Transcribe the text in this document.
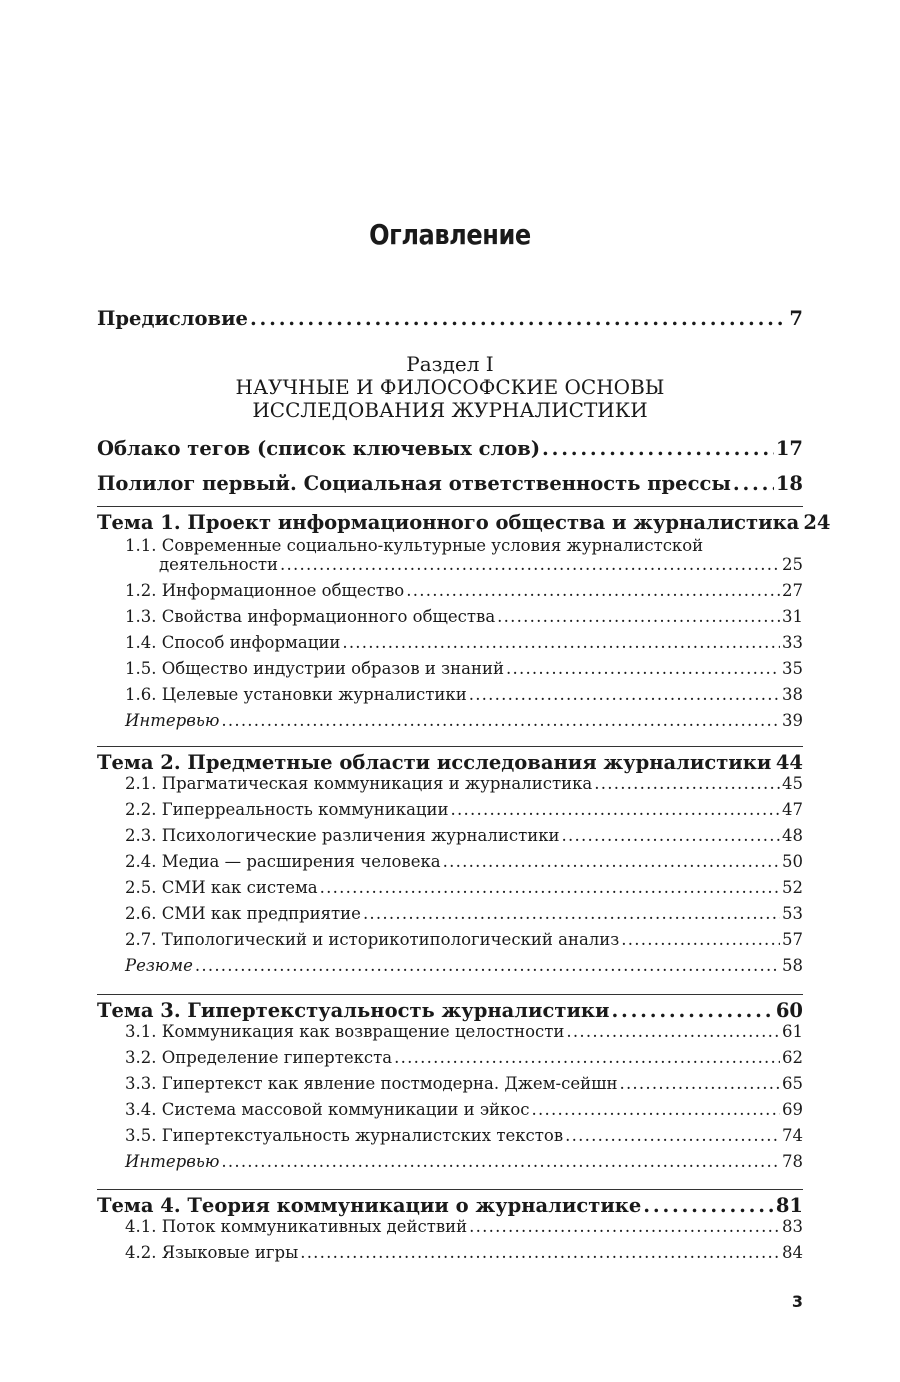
Оглавление
Предисловие . . .	7
Раздел I
НАУЧНЫЕ И ФИЛОСОФСКИЕ ОСНОВЫ
ИССЛЕДОВАНИЯ ЖУРНАЛИСТИКИ
Облако тегов (список ключевых слов) . . .	17
Полилог первый. Социальная ответственность прессы . . . 18
Тема 1. Проект информационного общества и журналистика 24
1.1. Современные социально-культурные условия журналистской
деятельности . . .	25
1.2. Информационное общество . . .	27
1.3. Свойства информационного общества . . .	31
1.4. Способ информации . . .	33
1.5. Общество индустрии образов и знаний . . .	35
1.6. Целевые установки журналистики . . .	38
Интервью . . .	39
Тема 2. Предметные области исследования журналистики . . . 44
2.1. Прагматическая коммуникация и журналистика . . .	45
2.2. Гиперреальность коммуникации . . .	47
2.3. Психологические различения журналистики . . .	48
2.4. Медиа — расширения человека . . .	50
2.5. СМИ как система . . .	52
2.6. СМИ как предприятие . . .	53
2.7. Типологический и историкотипологический анализ . . .	57
Резюме . . .	58
Тема 3. Гипертекстуальность журналистики . . .	60
3.1. Коммуникация как возвращение целостности . . .	61
3.2. Определение гипертекста . . .	62
3.3. Гипертекст как явление постмодерна. Джем-сейшн . . .	65
3.4. Система массовой коммуникации и эйкос . . .	69
3.5. Гипертекстуальность журналистских текстов . . .	74
Интервью . . .	78
Тема 4. Теория коммуникации о журналистике . . .	81
4.1. Поток коммуникативных действий . . .	83
4.2. Языковые игры . . .	84
3
